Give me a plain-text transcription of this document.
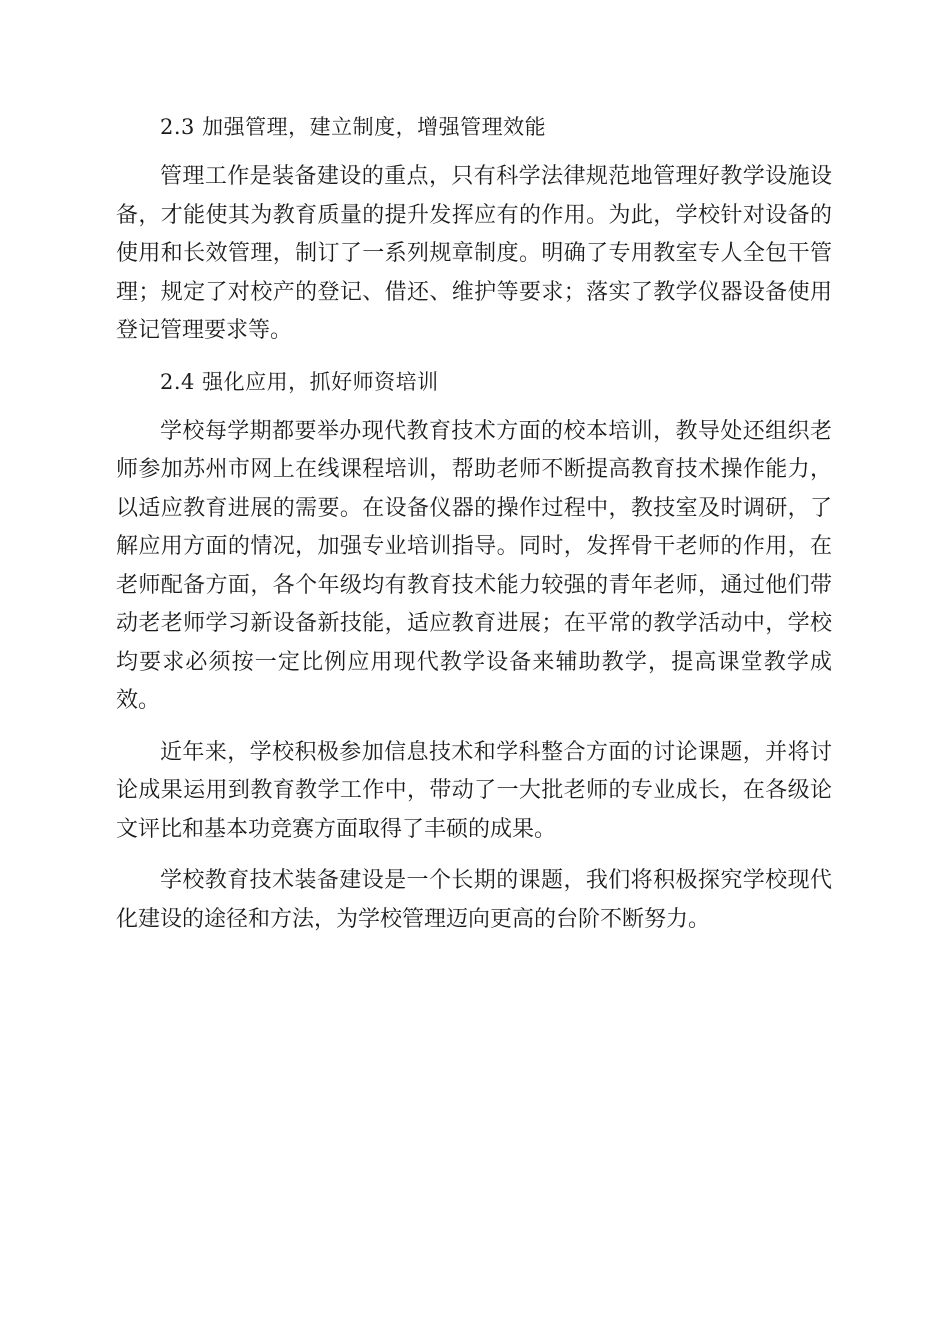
2.3 加强管理，建立制度，增强管理效能

管理工作是装备建设的重点，只有科学法律规范地管理好教学设施设备，才能使其为教育质量的提升发挥应有的作用。为此，学校针对设备的使用和长效管理，制订了一系列规章制度。明确了专用教室专人全包干管理；规定了对校产的登记、借还、维护等要求；落实了教学仪器设备使用登记管理要求等。

2.4 强化应用，抓好师资培训

学校每学期都要举办现代教育技术方面的校本培训，教导处还组织老师参加苏州市网上在线课程培训，帮助老师不断提高教育技术操作能力，以适应教育进展的需要。在设备仪器的操作过程中，教技室及时调研，了解应用方面的情况，加强专业培训指导。同时，发挥骨干老师的作用，在老师配备方面，各个年级均有教育技术能力较强的青年老师，通过他们带动老老师学习新设备新技能，适应教育进展；在平常的教学活动中，学校均要求必须按一定比例应用现代教学设备来辅助教学，提高课堂教学成效。

近年来，学校积极参加信息技术和学科整合方面的讨论课题，并将讨论成果运用到教育教学工作中，带动了一大批老师的专业成长，在各级论文评比和基本功竞赛方面取得了丰硕的成果。

学校教育技术装备建设是一个长期的课题，我们将积极探究学校现代化建设的途径和方法，为学校管理迈向更高的台阶不断努力。
